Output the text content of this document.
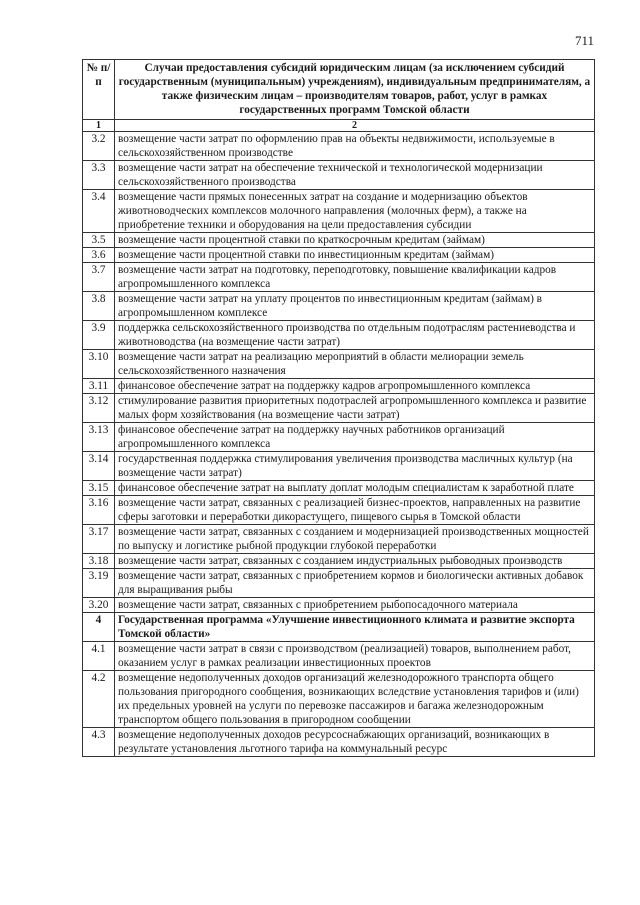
711
№ п/п	Случаи предоставления субсидий юридическим лицам (за исключением субсидий государственным (муниципальным) учреждениям), индивидуальным предпринимателям, а также физическим лицам – производителям товаров, работ, услуг в рамках государственных программ Томской области
1	2
3.2	возмещение части затрат по оформлению прав на объекты недвижимости, используемые в сельскохозяйственном производстве
3.3	возмещение части затрат на обеспечение технической и технологической модернизации сельскохозяйственного производства
3.4	возмещение части прямых понесенных затрат на создание и модернизацию объектов животноводческих комплексов молочного направления (молочных ферм), а также на приобретение техники и оборудования на цели предоставления субсидии
3.5	возмещение части процентной ставки по краткосрочным кредитам (займам)
3.6	возмещение части процентной ставки по инвестиционным кредитам (займам)
3.7	возмещение части затрат на подготовку, переподготовку, повышение квалификации кадров агропромышленного комплекса
3.8	возмещение части затрат на уплату процентов по инвестиционным кредитам (займам) в агропромышленном комплексе
3.9	поддержка сельскохозяйственного производства по отдельным подотраслям растениеводства и животноводства (на возмещение части затрат)
3.10	возмещение части затрат на реализацию мероприятий в области мелиорации земель сельскохозяйственного назначения
3.11	финансовое обеспечение затрат на поддержку кадров агропромышленного комплекса
3.12	стимулирование развития приоритетных подотраслей агропромышленного комплекса и развитие малых форм хозяйствования (на возмещение части затрат)
3.13	финансовое обеспечение затрат на поддержку научных работников организаций агропромышленного комплекса
3.14	государственная поддержка стимулирования увеличения производства масличных культур (на возмещение части затрат)
3.15	финансовое обеспечение затрат на выплату доплат молодым специалистам к заработной плате
3.16	возмещение части затрат, связанных с реализацией бизнес-проектов, направленных на развитие сферы заготовки и переработки дикорастущего, пищевого сырья в Томской области
3.17	возмещение части затрат, связанных с созданием и модернизацией производственных мощностей по выпуску и логистике рыбной продукции глубокой переработки
3.18	возмещение части затрат, связанных с созданием индустриальных рыбоводных производств
3.19	возмещение части затрат, связанных с приобретением кормов и биологически активных добавок для выращивания рыбы
3.20	возмещение части затрат, связанных с приобретением рыбопосадочного материала
4	Государственная программа «Улучшение инвестиционного климата и развитие экспорта Томской области»
4.1	возмещение части затрат в связи с производством (реализацией) товаров, выполнением работ, оказанием услуг в рамках реализации инвестиционных проектов
4.2	возмещение недополученных доходов организаций железнодорожного транспорта общего пользования пригородного сообщения, возникающих вследствие установления тарифов и (или) их предельных уровней на услуги по перевозке пассажиров и багажа железнодорожным транспортом общего пользования в пригородном сообщении
4.3	возмещение недополученных доходов ресурсоснабжающих организаций, возникающих в результате установления льготного тарифа на коммунальный ресурс
